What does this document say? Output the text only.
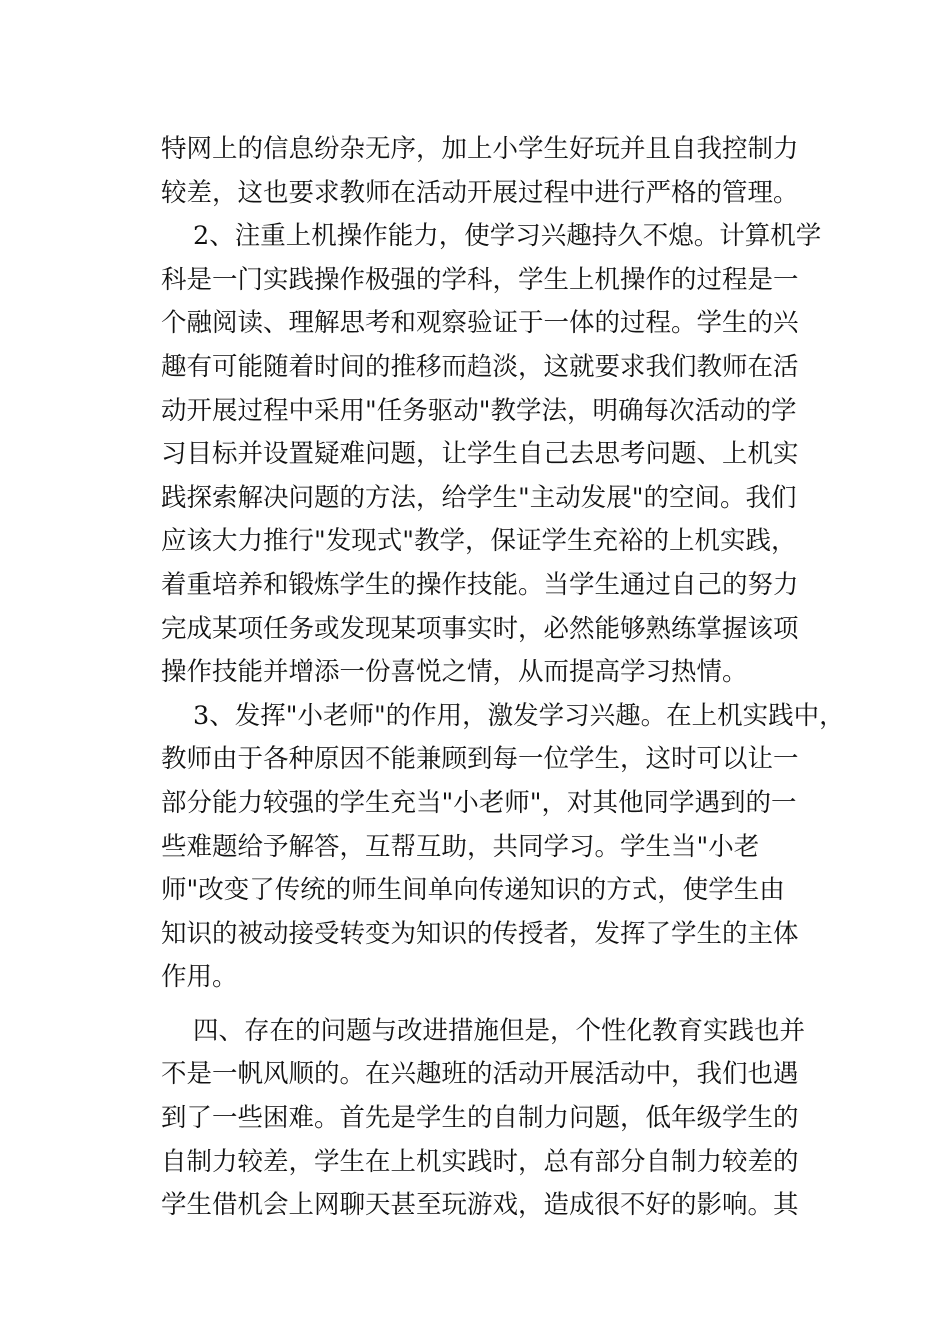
特网上的信息纷杂无序，加上小学生好玩并且自我控制力
较差，这也要求教师在活动开展过程中进行严格的管理。
2、注重上机操作能力，使学习兴趣持久不熄。计算机学
科是一门实践操作极强的学科，学生上机操作的过程是一
个融阅读、理解思考和观察验证于一体的过程。学生的兴
趣有可能随着时间的推移而趋淡，这就要求我们教师在活
动开展过程中采用"任务驱动"教学法，明确每次活动的学
习目标并设置疑难问题，让学生自己去思考问题、上机实
践探索解决问题的方法，给学生"主动发展"的空间。我们
应该大力推行"发现式"教学，保证学生充裕的上机实践，
着重培养和锻炼学生的操作技能。当学生通过自己的努力
完成某项任务或发现某项事实时，必然能够熟练掌握该项
操作技能并增添一份喜悦之情，从而提高学习热情。
3、发挥"小老师"的作用，激发学习兴趣。在上机实践中，
教师由于各种原因不能兼顾到每一位学生，这时可以让一
部分能力较强的学生充当"小老师"，对其他同学遇到的一
些难题给予解答，互帮互助，共同学习。学生当"小老
师"改变了传统的师生间单向传递知识的方式，使学生由
知识的被动接受转变为知识的传授者，发挥了学生的主体
作用。
四、存在的问题与改进措施但是，个性化教育实践也并
不是一帆风顺的。在兴趣班的活动开展活动中，我们也遇
到了一些困难。首先是学生的自制力问题，低年级学生的
自制力较差，学生在上机实践时，总有部分自制力较差的
学生借机会上网聊天甚至玩游戏，造成很不好的影响。其
